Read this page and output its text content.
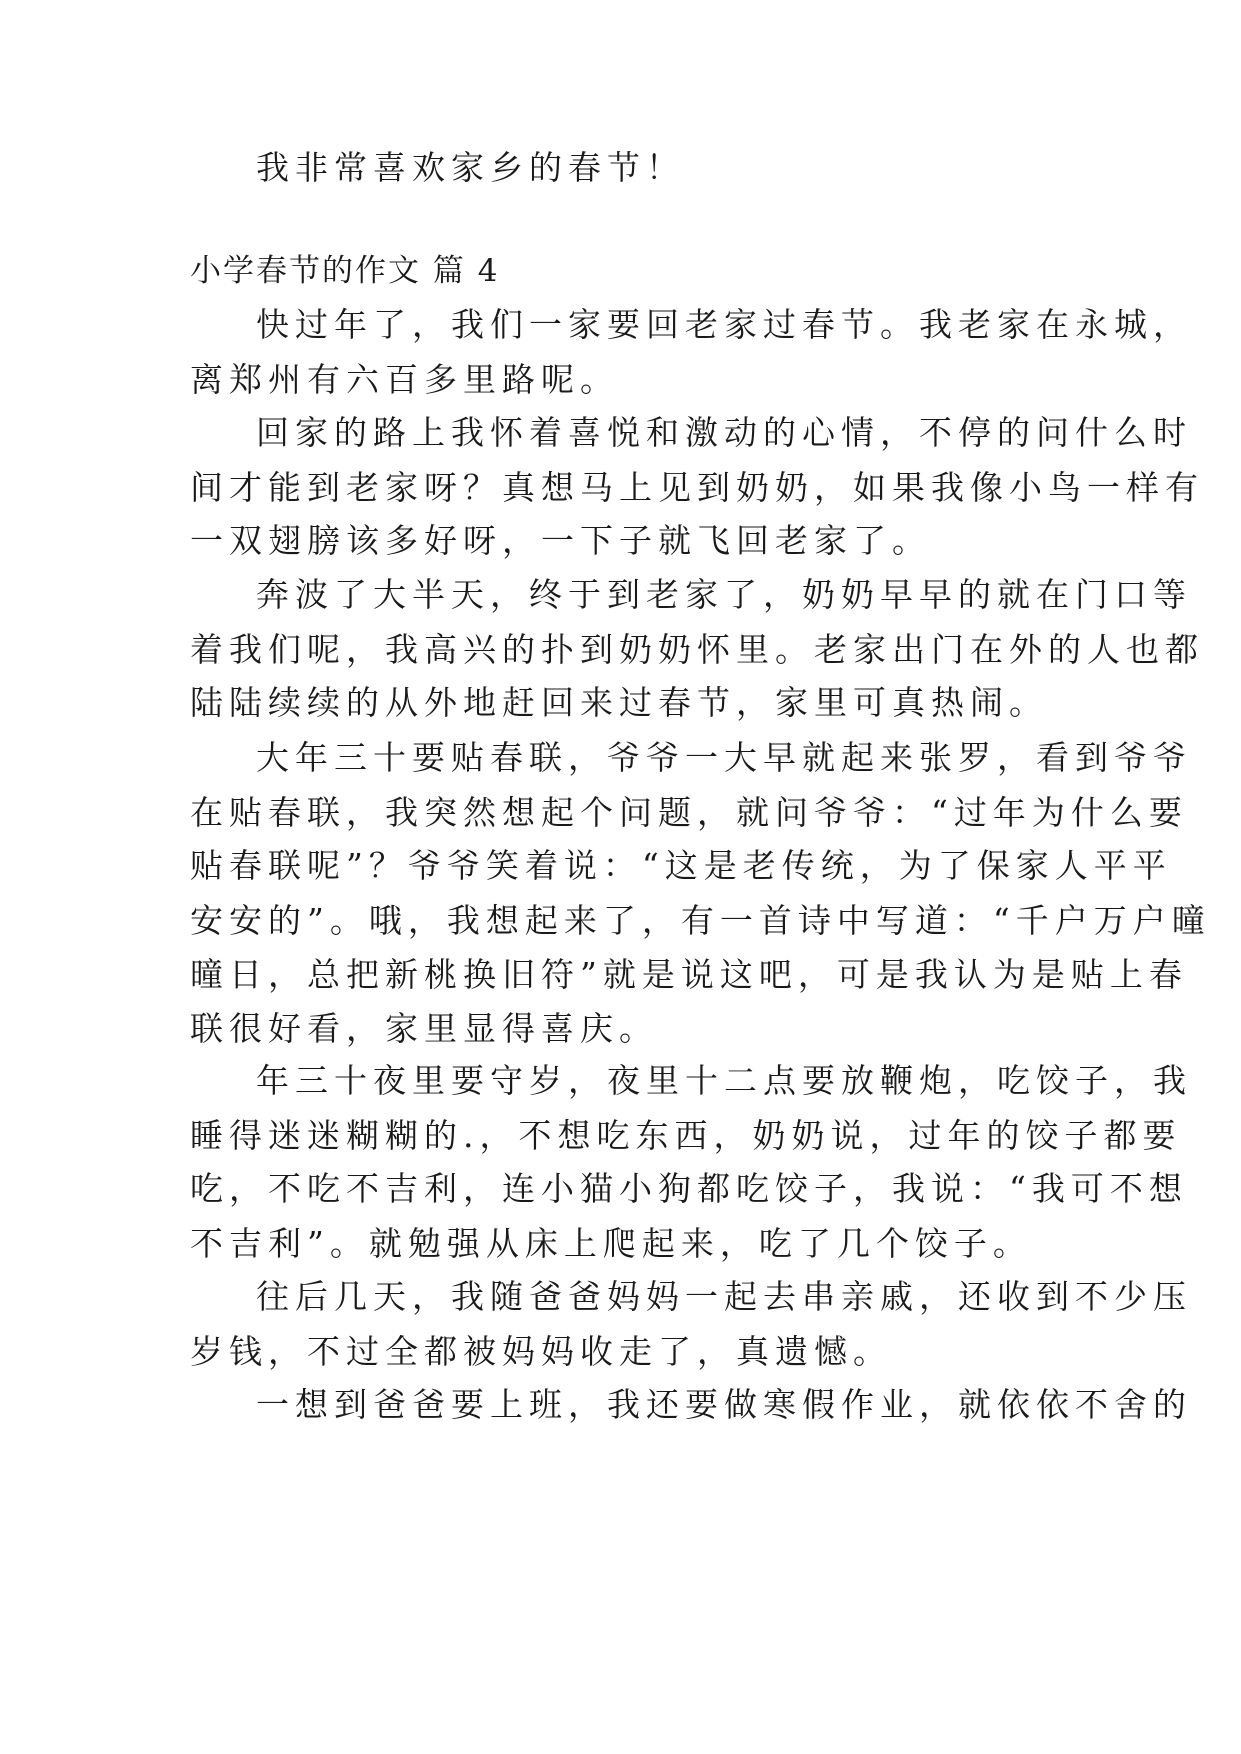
我非常喜欢家乡的春节！
小学春节的作文 篇 4
快过年了，我们一家要回老家过春节。我老家在永城，
离郑州有六百多里路呢。
回家的路上我怀着喜悦和激动的心情，不停的问什么时
间才能到老家呀？真想马上见到奶奶，如果我像小鸟一样有
一双翅膀该多好呀，一下子就飞回老家了。
奔波了大半天，终于到老家了，奶奶早早的就在门口等
着我们呢，我高兴的扑到奶奶怀里。老家出门在外的人也都
陆陆续续的从外地赶回来过春节，家里可真热闹。
大年三十要贴春联，爷爷一大早就起来张罗，看到爷爷
在贴春联，我突然想起个问题，就问爷爷：“过年为什么要
贴春联呢”？爷爷笑着说：“这是老传统，为了保家人平平
安安的”。哦，我想起来了，有一首诗中写道：“千户万户曈
曈日，总把新桃换旧符”就是说这吧，可是我认为是贴上春
联很好看，家里显得喜庆。
年三十夜里要守岁，夜里十二点要放鞭炮，吃饺子，我
睡得迷迷糊糊的.，不想吃东西，奶奶说，过年的饺子都要
吃，不吃不吉利，连小猫小狗都吃饺子，我说：“我可不想
不吉利”。就勉强从床上爬起来，吃了几个饺子。
往后几天，我随爸爸妈妈一起去串亲戚，还收到不少压
岁钱，不过全都被妈妈收走了，真遗憾。
一想到爸爸要上班，我还要做寒假作业，就依依不舍的
